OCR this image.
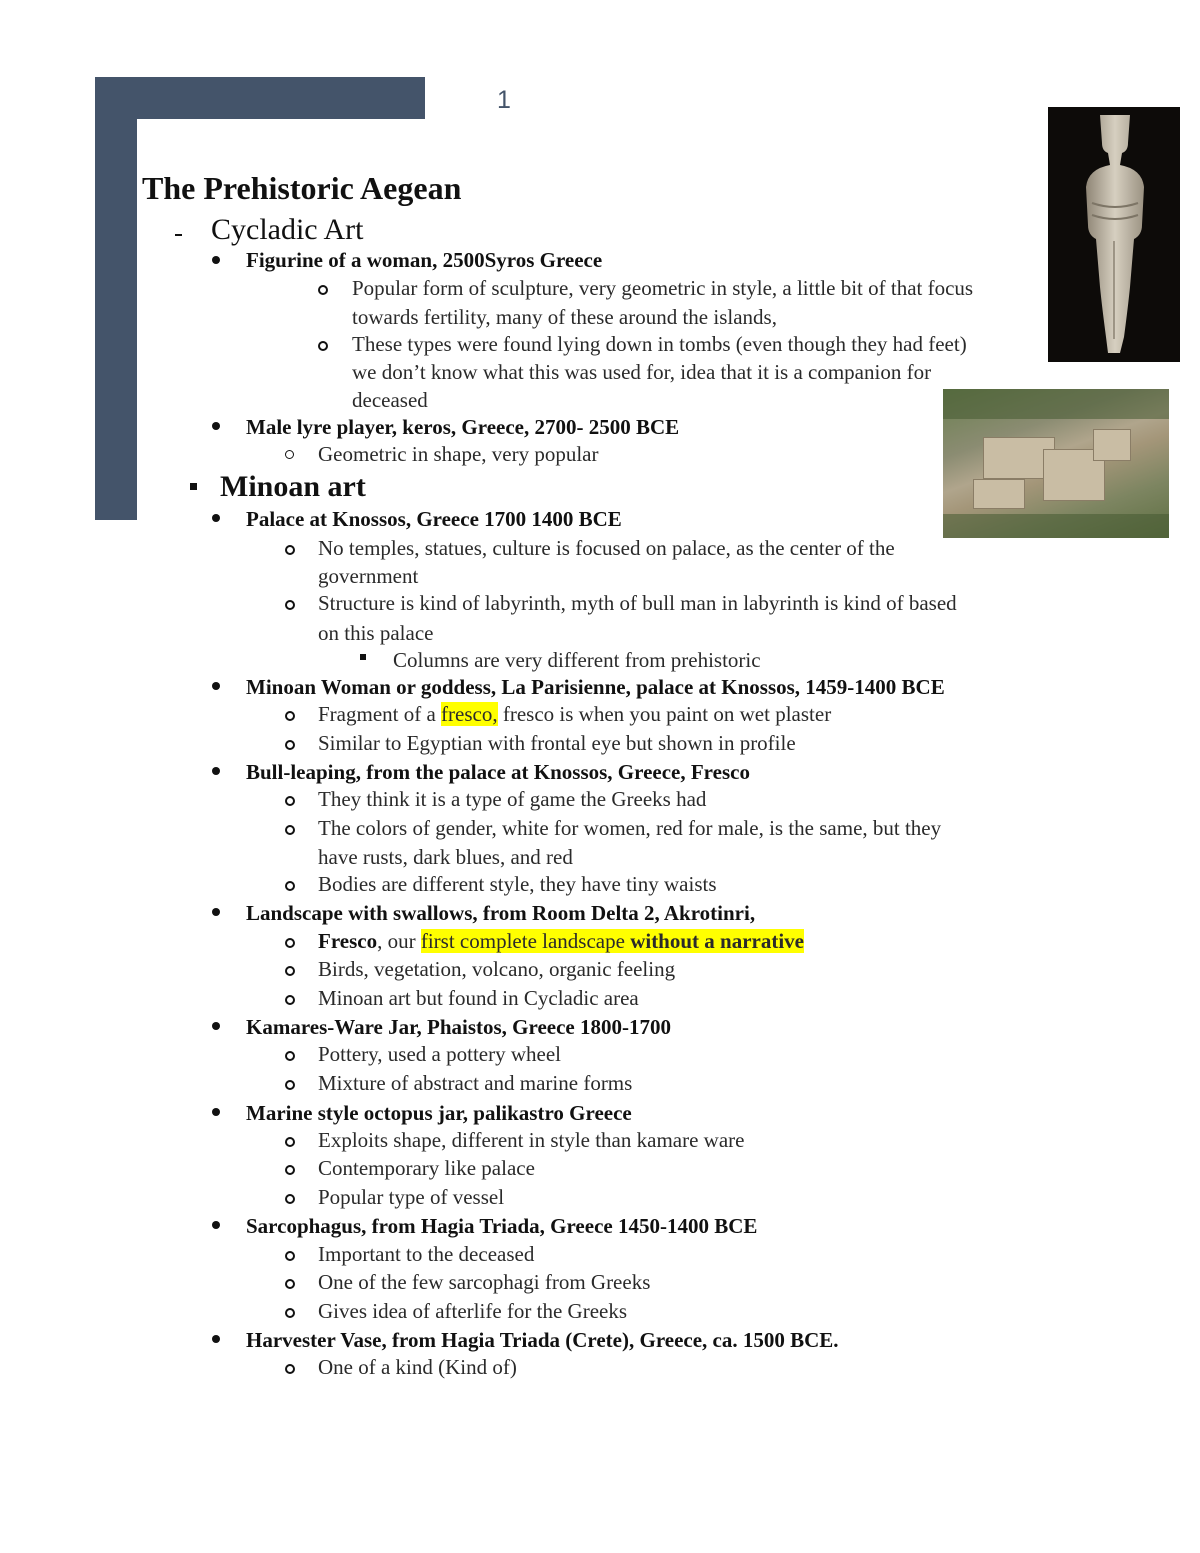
1
The Prehistoric Aegean
Cycladic Art
Figurine of a woman, 2500Syros Greece
Popular form of sculpture, very geometric in style, a little bit of that focus
towards fertility, many of these around the islands,
These types were found lying down in tombs (even though they had feet)
we don’t know what this was used for, idea that it is a companion for
deceased
Male lyre player, keros, Greece, 2700- 2500 BCE
Geometric in shape, very popular
Minoan art
Palace at Knossos, Greece 1700 1400 BCE
No temples, statues, culture is focused on palace, as the center of the
government
Structure is kind of labyrinth, myth of bull man in labyrinth is kind of based
on this palace
Columns are very different from prehistoric
Minoan Woman or goddess, La Parisienne, palace at Knossos, 1459-1400 BCE
Fragment of a fresco, fresco is when you paint on wet plaster
Similar to Egyptian with frontal eye but shown in profile
Bull-leaping, from the palace at Knossos, Greece, Fresco
They think it is a type of game the Greeks had
The colors of gender, white for women, red for male, is the same, but they
have rusts, dark blues, and red
Bodies are different style, they have tiny waists
Landscape with swallows, from Room Delta 2, Akrotinri,
Fresco, our first complete landscape without a narrative
Birds, vegetation, volcano, organic feeling
Minoan art but found in Cycladic area
Kamares-Ware Jar, Phaistos, Greece 1800-1700
Pottery, used a pottery wheel
Mixture of abstract and marine forms
Marine style octopus jar, palikastro Greece
Exploits shape, different in style than kamare ware
Contemporary like palace
Popular type of vessel
Sarcophagus, from Hagia Triada, Greece 1450-1400 BCE
Important to the deceased
One of the few sarcophagi from Greeks
Gives idea of afterlife for the Greeks
Harvester Vase, from Hagia Triada (Crete), Greece, ca. 1500 BCE.
One of a kind (Kind of)
